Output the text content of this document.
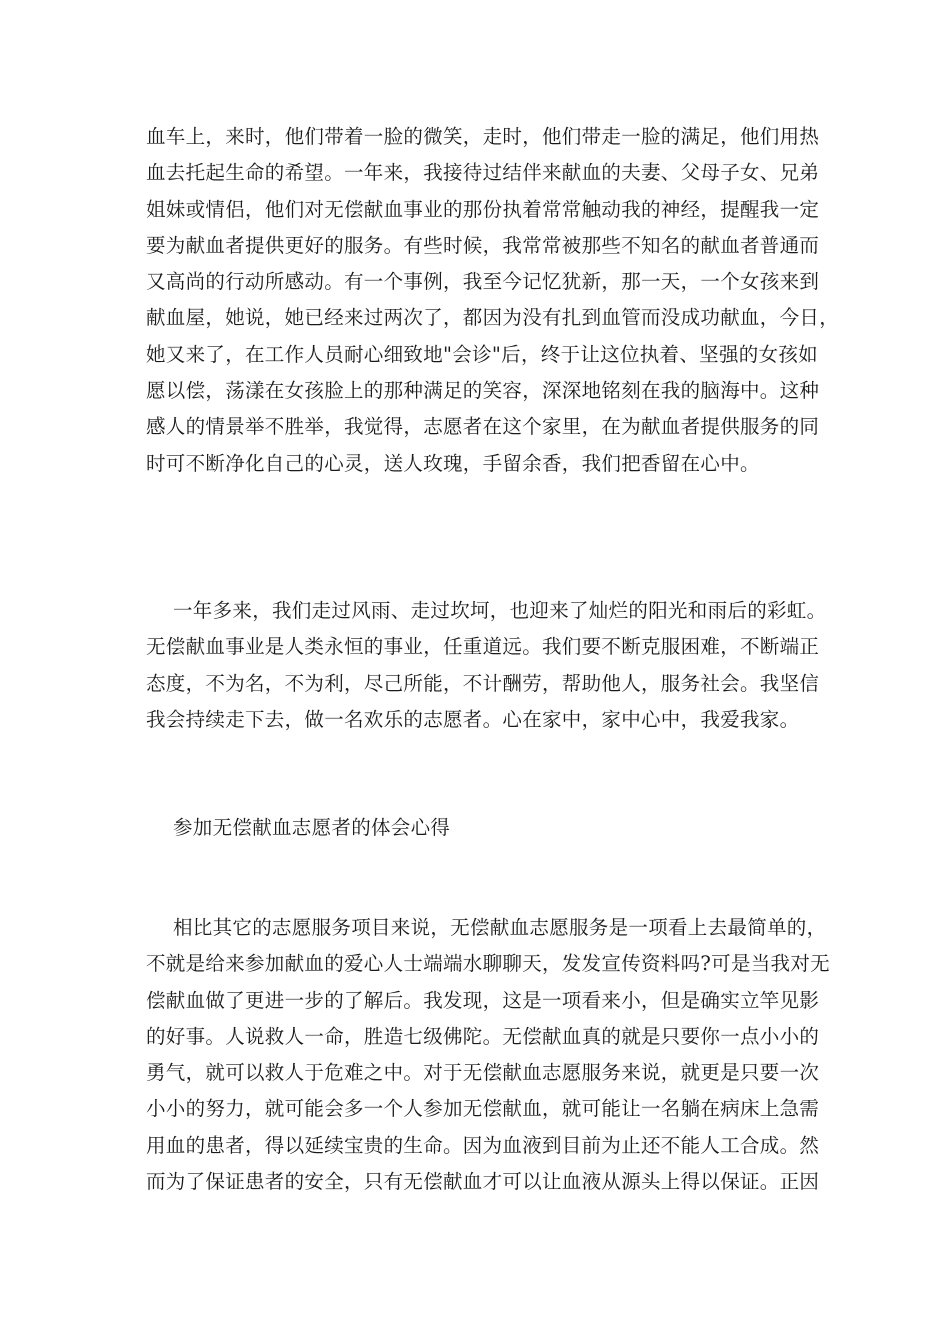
血车上，来时，他们带着一脸的微笑，走时，他们带走一脸的满足，他们用热
血去托起生命的希望。一年来，我接待过结伴来献血的夫妻、父母子女、兄弟
姐妹或情侣，他们对无偿献血事业的那份执着常常触动我的神经，提醒我一定
要为献血者提供更好的服务。有些时候，我常常被那些不知名的献血者普通而
又高尚的行动所感动。有一个事例，我至今记忆犹新，那一天，一个女孩来到
献血屋，她说，她已经来过两次了，都因为没有扎到血管而没成功献血，今日，
她又来了，在工作人员耐心细致地"会诊"后，终于让这位执着、坚强的女孩如
愿以偿，荡漾在女孩脸上的那种满足的笑容，深深地铭刻在我的脑海中。这种
感人的情景举不胜举，我觉得，志愿者在这个家里，在为献血者提供服务的同
时可不断净化自己的心灵，送人玫瑰，手留余香，我们把香留在心中。
一年多来，我们走过风雨、走过坎坷，也迎来了灿烂的阳光和雨后的彩虹。
无偿献血事业是人类永恒的事业，任重道远。我们要不断克服困难，不断端正
态度，不为名，不为利，尽己所能，不计酬劳，帮助他人，服务社会。我坚信
我会持续走下去，做一名欢乐的志愿者。心在家中，家中心中，我爱我家。
参加无偿献血志愿者的体会心得
相比其它的志愿服务项目来说，无偿献血志愿服务是一项看上去最简单的，
不就是给来参加献血的爱心人士端端水聊聊天，发发宣传资料吗?可是当我对无
偿献血做了更进一步的了解后。我发现，这是一项看来小，但是确实立竿见影
的好事。人说救人一命，胜造七级佛陀。无偿献血真的就是只要你一点小小的
勇气，就可以救人于危难之中。对于无偿献血志愿服务来说，就更是只要一次
小小的努力，就可能会多一个人参加无偿献血，就可能让一名躺在病床上急需
用血的患者，得以延续宝贵的生命。因为血液到目前为止还不能人工合成。然
而为了保证患者的安全，只有无偿献血才可以让血液从源头上得以保证。正因
